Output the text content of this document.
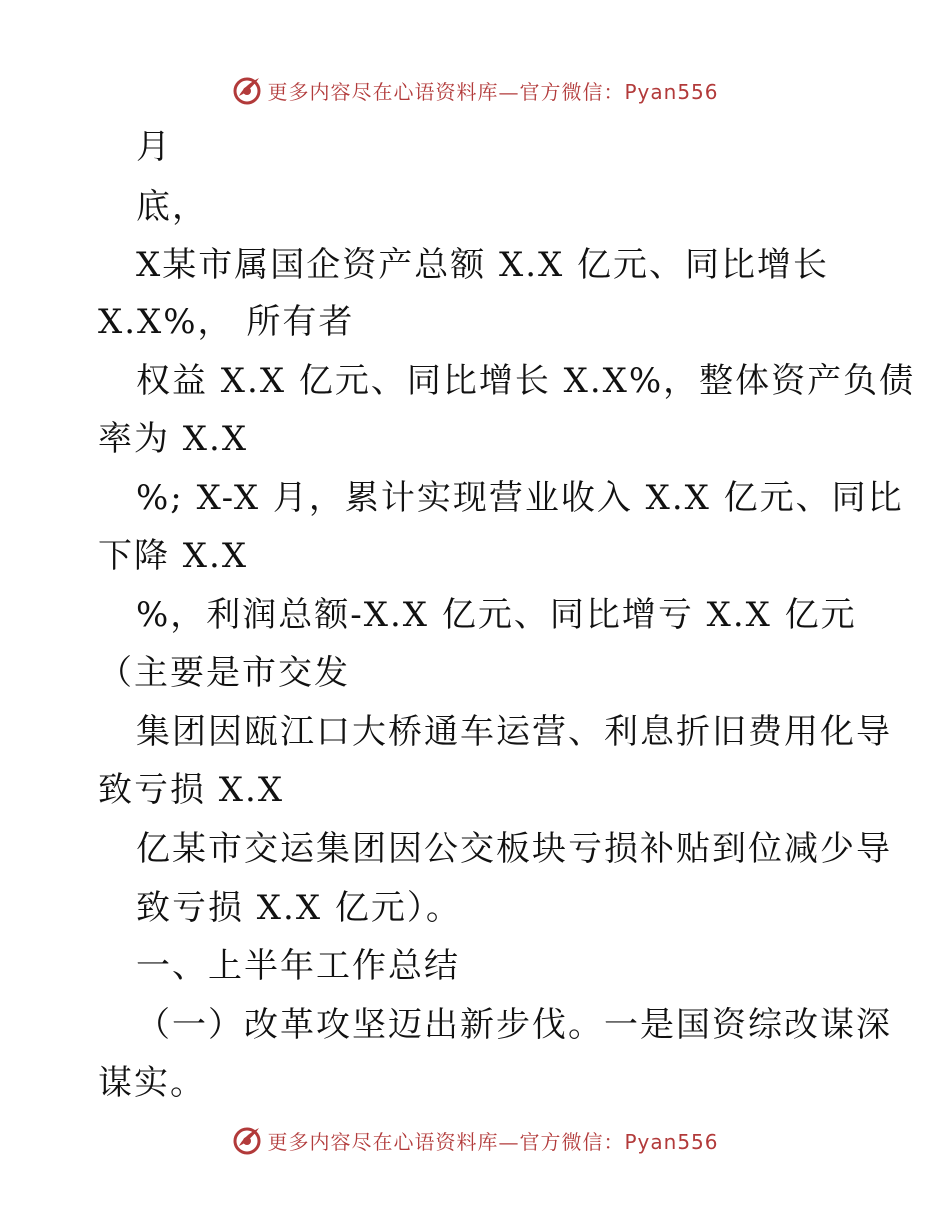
更多内容尽在心语资料库—官方微信：Pyan556
月
底，
X某市属国企资产总额 X.X 亿元、同比增长
X.X%， 所有者
权益 X.X 亿元、同比增长 X.X%，整体资产负债
率为 X.X
%; X-X 月，累计实现营业收入 X.X 亿元、同比
下降 X.X
%，利润总额-X.X 亿元、同比增亏 X.X 亿元
（主要是市交发
集团因瓯江口大桥通车运营、利息折旧费用化导
致亏损 X.X
亿某市交运集团因公交板块亏损补贴到位减少导
致亏损 X.X 亿元）。
一、上半年工作总结
（一）改革攻坚迈出新步伐。一是国资综改谋深
谋实。
更多内容尽在心语资料库—官方微信：Pyan556
